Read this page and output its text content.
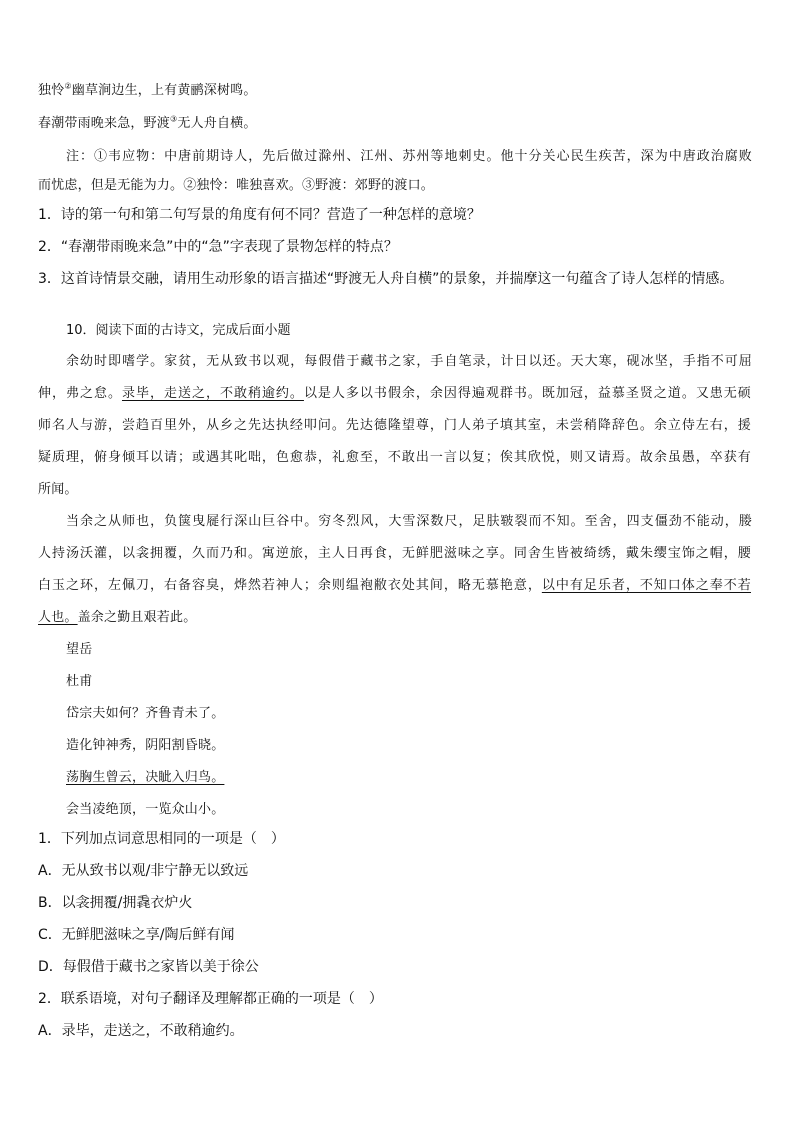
独怜②幽草涧边生，上有黄鹂深树鸣。
春潮带雨晚来急，野渡③无人舟自横。
注：①韦应物：中唐前期诗人，先后做过滁州、江州、苏州等地刺史。他十分关心民生疾苦，深为中唐政治腐败
而忧虑，但是无能为力。②独怜：唯独喜欢。③野渡：郊野的渡口。
1．诗的第一句和第二句写景的角度有何不同？营造了一种怎样的意境？
2．“春潮带雨晚来急”中的“急”字表现了景物怎样的特点？
3．这首诗情景交融，请用生动形象的语言描述“野渡无人舟自横”的景象，并揣摩这一句蕴含了诗人怎样的情感。
10．阅读下面的古诗文，完成后面小题
余幼时即嗜学。家贫，无从致书以观，每假借于藏书之家，手自笔录，计日以还。天大寒，砚冰坚，手指不可屈
伸，弗之怠。录毕，走送之，不敢稍逾约。以是人多以书假余，余因得遍观群书。既加冠，益慕圣贤之道。又患无硕
师名人与游，尝趋百里外，从乡之先达执经叩问。先达德隆望尊，门人弟子填其室，未尝稍降辞色。余立侍左右，援
疑质理，俯身倾耳以请；或遇其叱咄，色愈恭，礼愈至，不敢出一言以复；俟其欣悦，则又请焉。故余虽愚，卒获有
所闻。
当余之从师也，负箧曳屣行深山巨谷中。穷冬烈风，大雪深数尺，足肤皲裂而不知。至舍，四支僵劲不能动，媵
人持汤沃灌，以衾拥覆，久而乃和。寓逆旅，主人日再食，无鲜肥滋味之享。同舍生皆被绮绣，戴朱缨宝饰之帽，腰
白玉之环，左佩刀，右备容臭，烨然若神人；余则缊袍敝衣处其间，略无慕艳意，以中有足乐者，不知口体之奉不若
人也。盖余之勤且艰若此。
望岳
杜甫
岱宗夫如何？齐鲁青未了。
造化钟神秀，阴阳割昏晓。
荡胸生曾云，决眦入归鸟。
会当凌绝顶，一览众山小。
1．下列加点词意思相同的一项是（　）
A．无从致书以观/非宁静无以致远
B．以衾拥覆/拥毳衣炉火
C．无鲜肥滋味之享/陶后鲜有闻
D．每假借于藏书之家皆以美于徐公
2．联系语境，对句子翻译及理解都正确的一项是（　）
A．录毕，走送之，不敢稍逾约。
